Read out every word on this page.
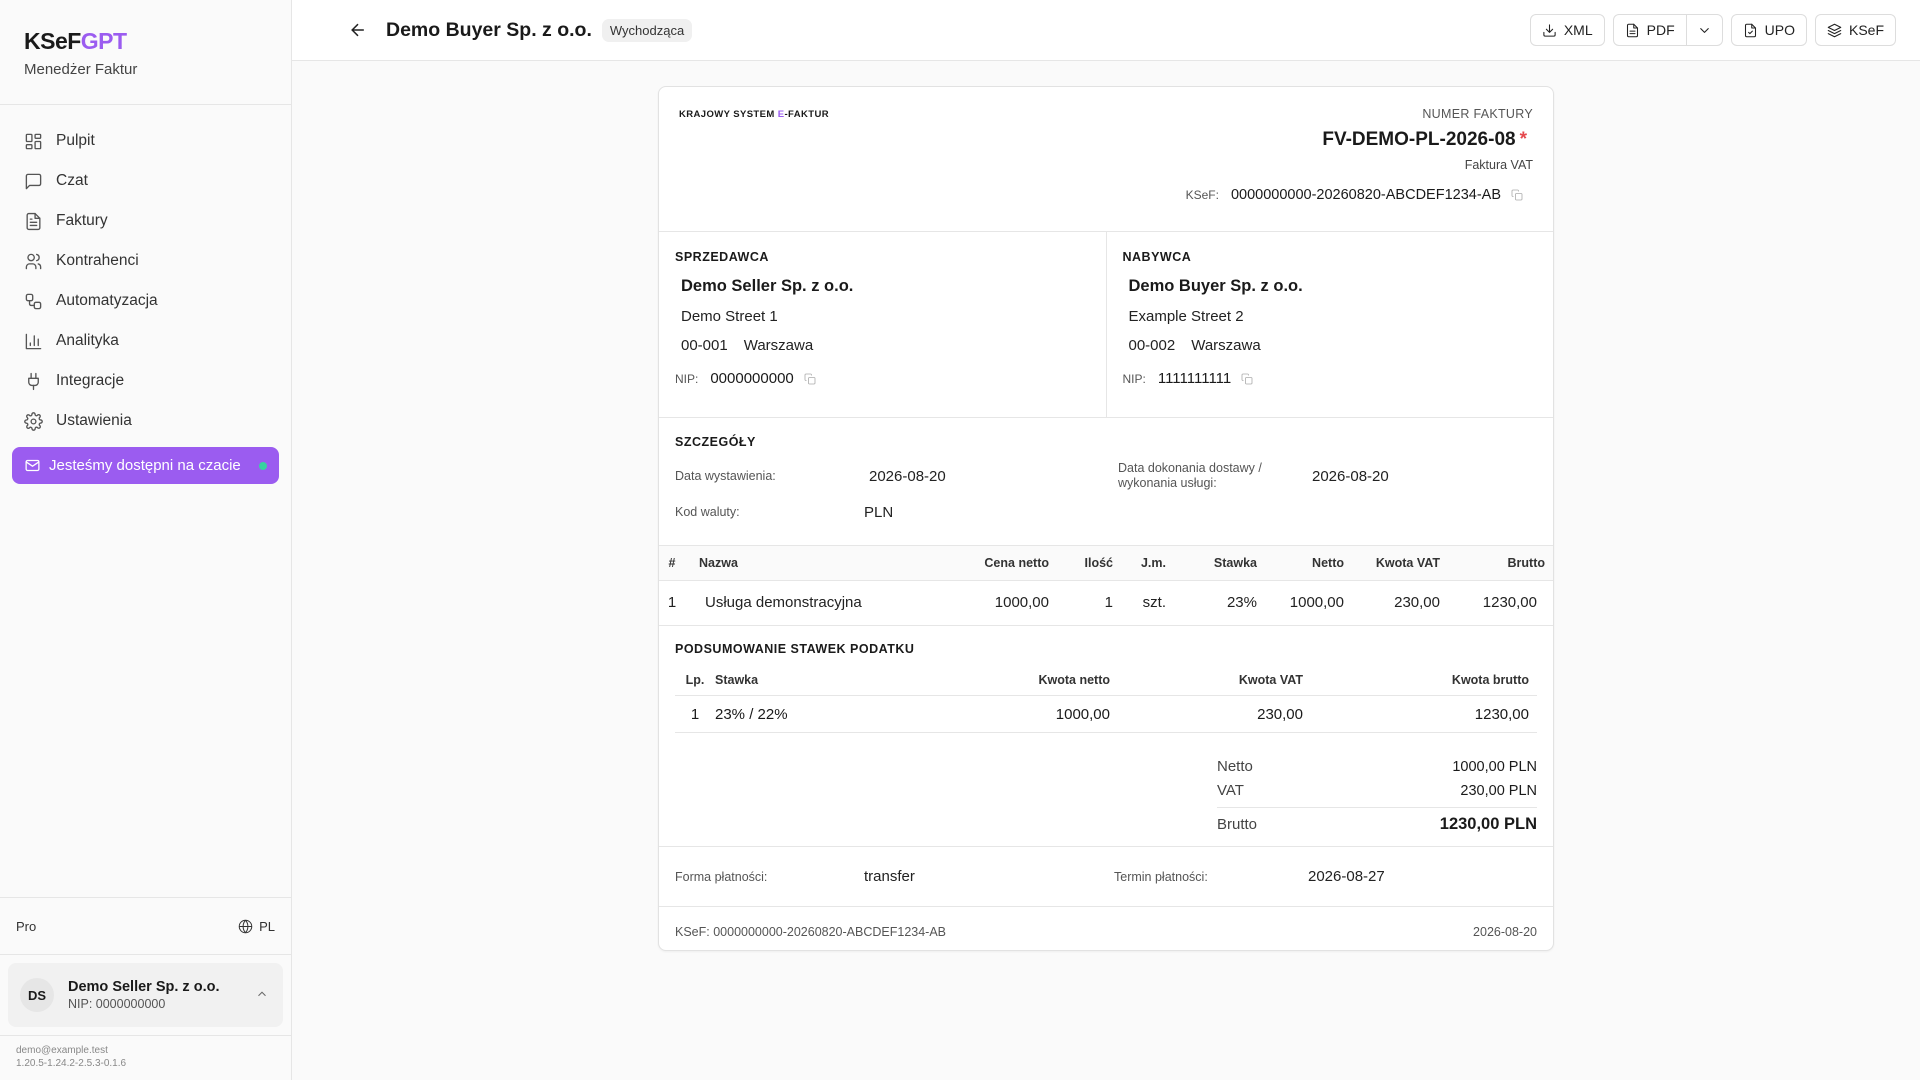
KSeFGPT
Menedżer Faktur
Pulpit
Czat
Faktury
Kontrahenci
Automatyzacja
Analityka
Integracje
Ustawienia
Jesteśmy dostępni na czacie
Pro	PL
DS	Demo Seller Sp. z o.o.
NIP: 0000000000
demo@example.test
1.20.5-1.24.2-2.5.3-0.1.6
Demo Buyer Sp. z o.o.	Wychodząca	XML	PDF	UPO	KSeF
KRAJOWY SYSTEM E-FAKTUR	NUMER FAKTURY
FV-DEMO-PL-2026-08 *
Faktura VAT
KSeF: 0000000000-20260820-ABCDEF1234-AB
SPRZEDAWCA
Demo Seller Sp. z o.o.
Demo Street 1
00-001 Warszawa
NIP: 0000000000
NABYWCA
Demo Buyer Sp. z o.o.
Example Street 2
00-002 Warszawa
NIP: 1111111111
SZCZEGÓŁY
Data wystawienia:	2026-08-20	Data dokonania dostawy /
wykonania usługi:	2026-08-20
Kod waluty:	PLN
#	Nazwa	Cena netto	Ilość	J.m.	Stawka	Netto	Kwota VAT	Brutto
1	Usługa demonstracyjna	1000,00	1	szt.	23%	1000,00	230,00	1230,00
PODSUMOWANIE STAWEK PODATKU
Lp.	Stawka	Kwota netto	Kwota VAT	Kwota brutto
1	23% / 22%	1000,00	230,00	1230,00
Netto	1000,00 PLN
VAT	230,00 PLN
Brutto	1230,00 PLN
Forma płatności:	transfer	Termin płatności:	2026-08-27
KSeF: 0000000000-20260820-ABCDEF1234-AB	2026-08-20
